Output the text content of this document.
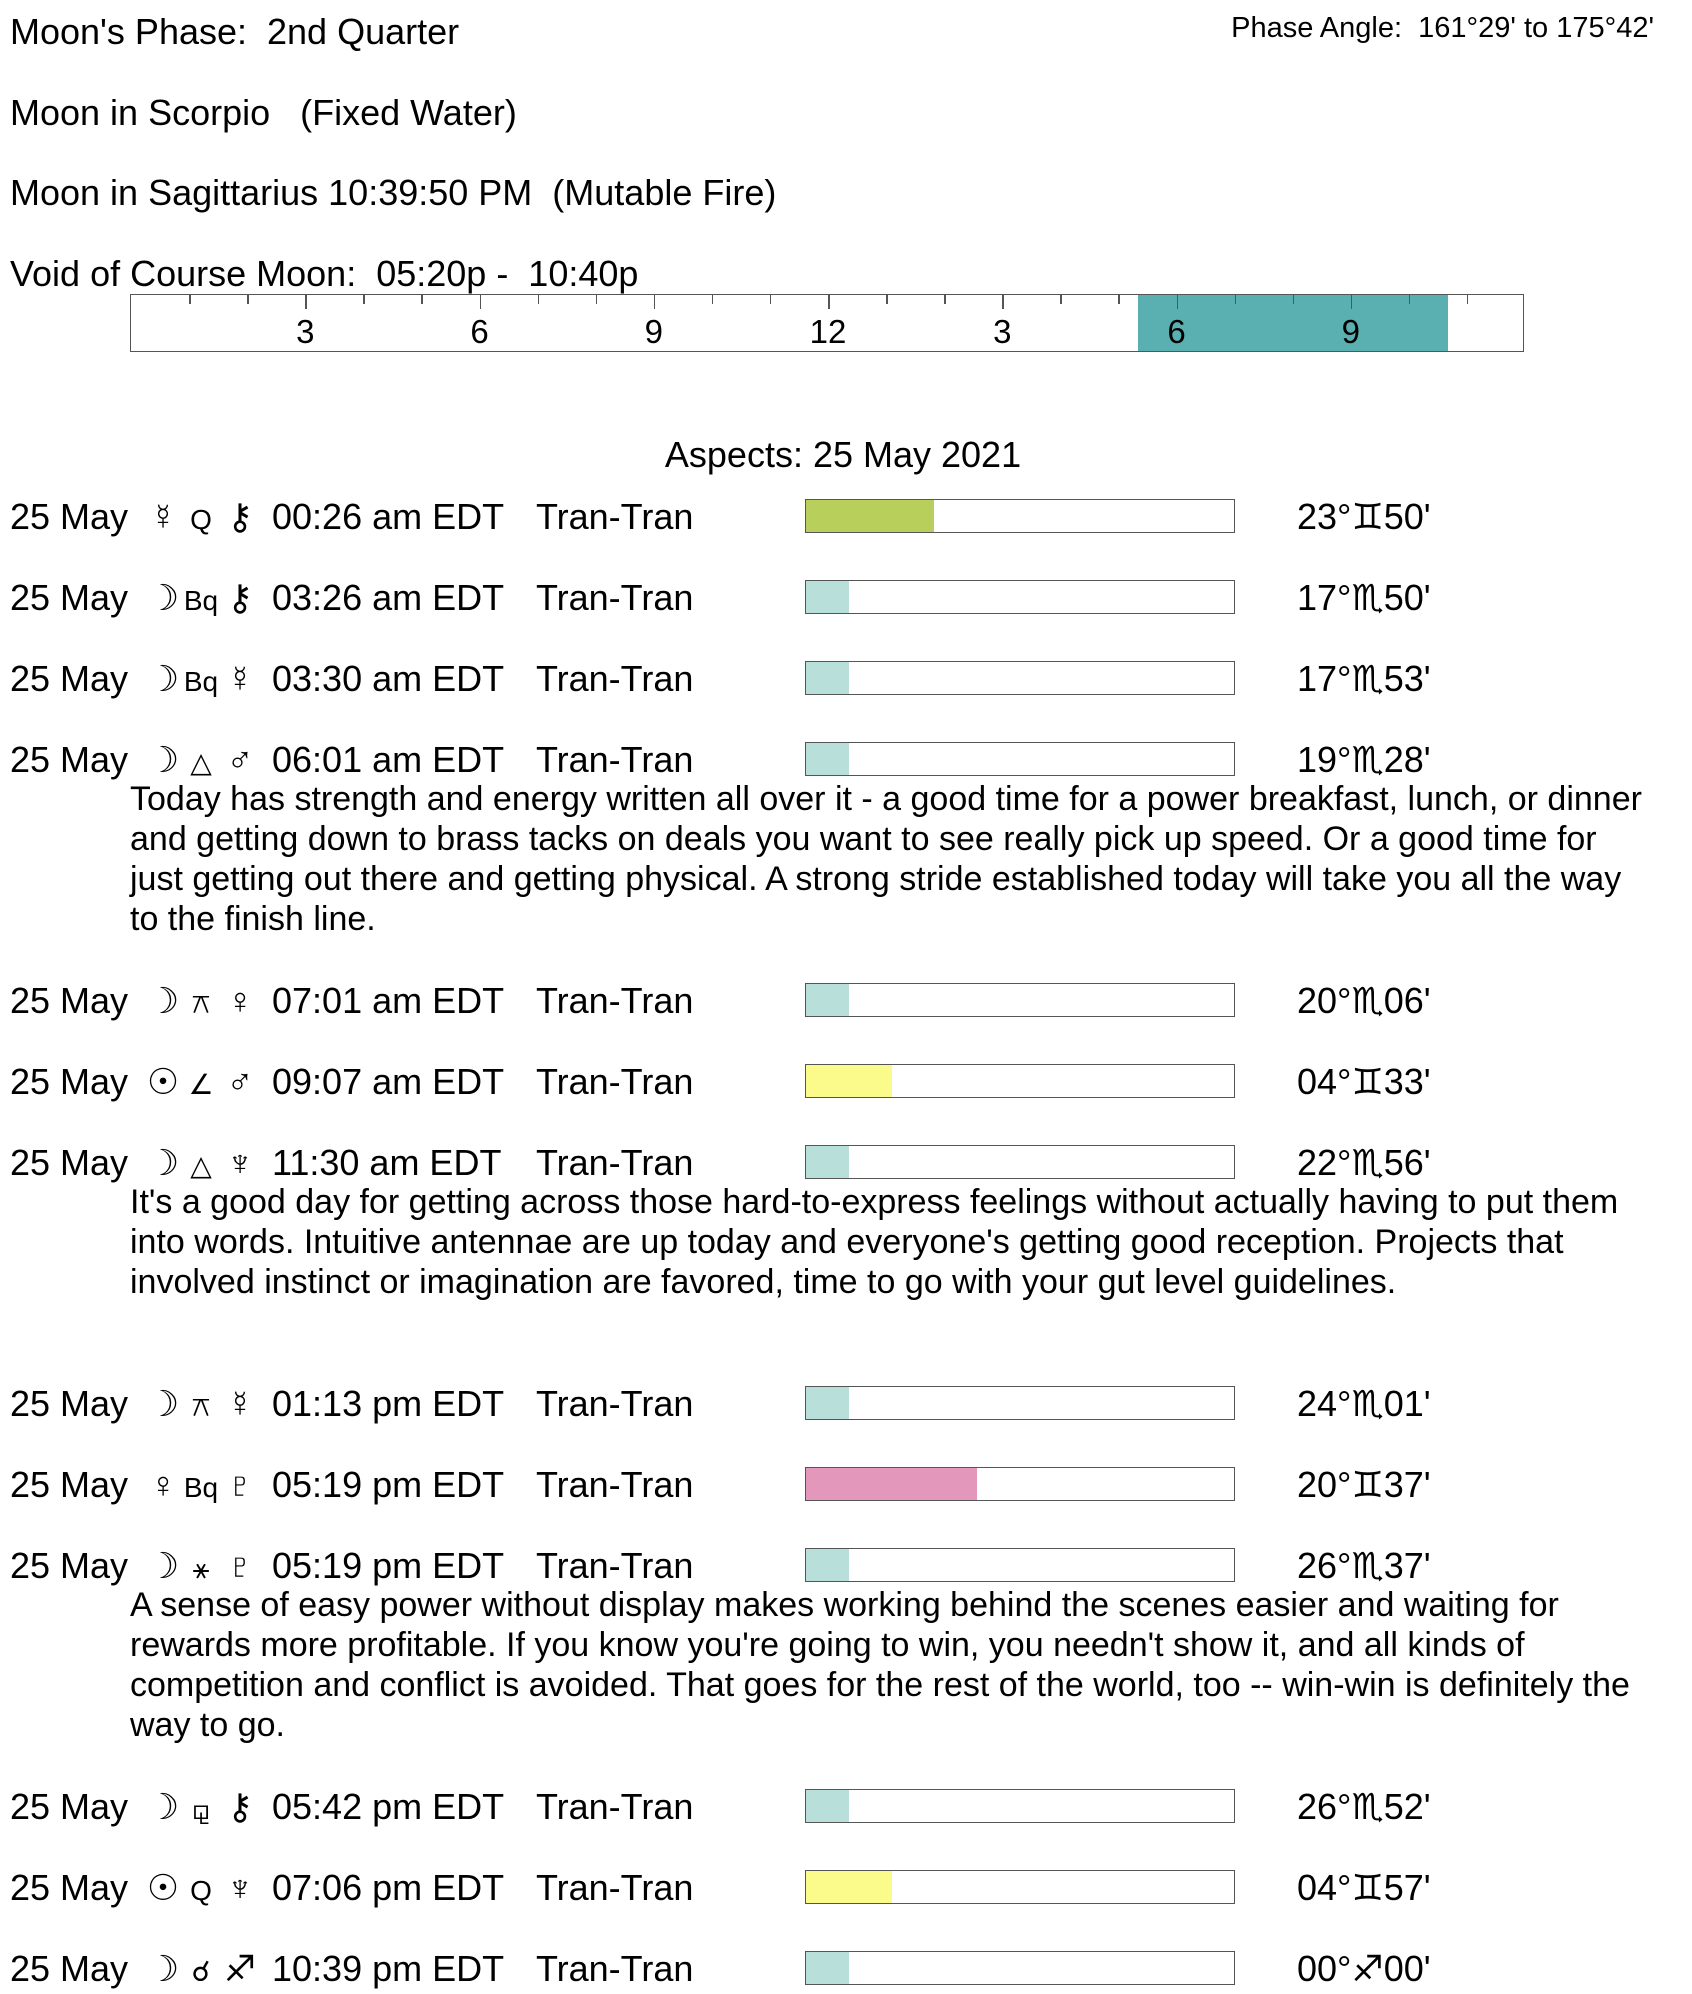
Moon's Phase:  2nd Quarter	Phase Angle:  161°29' to 175°42'
Moon in Scorpio   (Fixed Water)
Moon in Sagittarius 10:39:50 PM  (Mutable Fire)
Void of Course Moon:  05:20p -  10:40p
3	6	9	12	3	6	9
Aspects: 25 May 2021
25 May ☿ Q ⚷ 00:26 am EDT Tran-Tran	23°♊50'
25 May ☽ Bq ⚷ 03:26 am EDT Tran-Tran	17°♏50'
25 May ☽ Bq ☿ 03:30 am EDT Tran-Tran	17°♏53'
25 May ☽ △ ♂ 06:01 am EDT Tran-Tran	19°♏28'
Today has strength and energy written all over it - a good time for a power breakfast, lunch, or dinner and getting down to brass tacks on deals you want to see really pick up speed. Or a good time for just getting out there and getting physical. A strong stride established today will take you all the way to the finish line.
25 May ☽ ⚻ ♀ 07:01 am EDT Tran-Tran	20°♏06'
25 May ☉ ∠ ♂ 09:07 am EDT Tran-Tran	04°♊33'
25 May ☽ △ ♆ 11:30 am EDT Tran-Tran	22°♏56'
It's a good day for getting across those hard-to-express feelings without actually having to put them into words. Intuitive antennae are up today and everyone's getting good reception. Projects that involved instinct or imagination are favored, time to go with your gut level guidelines.
25 May ☽ ⚻ ☿ 01:13 pm EDT Tran-Tran	24°♏01'
25 May ♀ Bq ♇ 05:19 pm EDT Tran-Tran	20°♊37'
25 May ☽ ⚹ ♇ 05:19 pm EDT Tran-Tran	26°♏37'
A sense of easy power without display makes working behind the scenes easier and waiting for rewards more profitable. If you know you're going to win, you needn't show it, and all kinds of competition and conflict is avoided. That goes for the rest of the world, too -- win-win is definitely the way to go.
25 May ☽ ⚼ ⚷ 05:42 pm EDT Tran-Tran	26°♏52'
25 May ☉ Q ♆ 07:06 pm EDT Tran-Tran	04°♊57'
25 May ☽ ☌ ♐ 10:39 pm EDT Tran-Tran	00°♐00'
